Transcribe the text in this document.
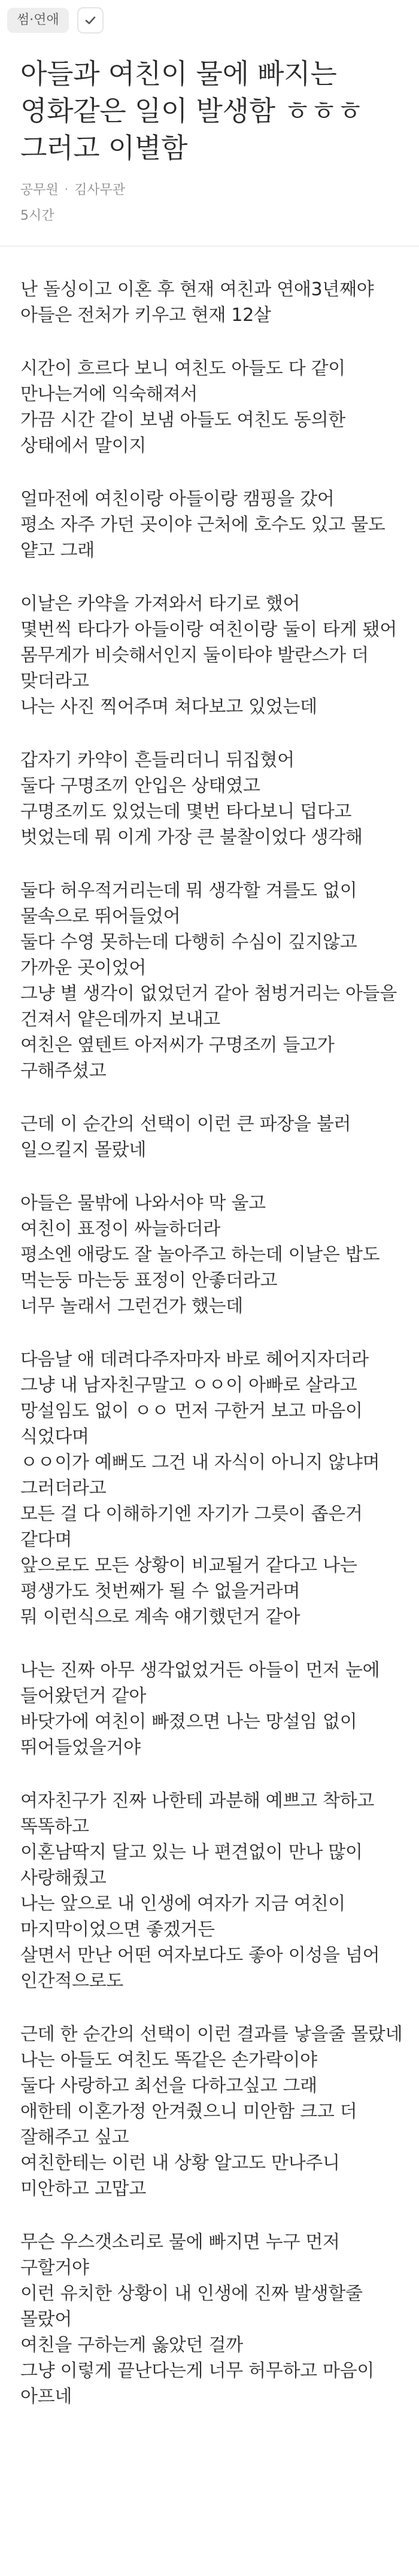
썸·연애
아들과 여친이 물에 빠지는
영화같은 일이 발생함 ㅎㅎㅎ
그러고 이별함
공무원 · 김사무관
5시간
난 돌싱이고 이혼 후 현재 여친과 연애3년째야
아들은 전처가 키우고 현재 12살
시간이 흐르다 보니 여친도 아들도 다 같이
만나는거에 익숙해져서
가끔 시간 같이 보냄 아들도 여친도 동의한
상태에서 말이지
얼마전에 여친이랑 아들이랑 캠핑을 갔어
평소 자주 가던 곳이야 근처에 호수도 있고 물도
얕고 그래
이날은 카약을 가져와서 타기로 했어
몇번씩 타다가 아들이랑 여친이랑 둘이 타게 됐어
몸무게가 비슷해서인지 둘이타야 발란스가 더
맞더라고
나는 사진 찍어주며 쳐다보고 있었는데
갑자기 카약이 흔들리더니 뒤집혔어
둘다 구명조끼 안입은 상태였고
구명조끼도 있었는데 몇번 타다보니 덥다고
벗었는데 뭐 이게 가장 큰 불찰이었다 생각해
둘다 허우적거리는데 뭐 생각할 겨를도 없이
물속으로 뛰어들었어
둘다 수영 못하는데 다행히 수심이 깊지않고
가까운 곳이었어
그냥 별 생각이 없었던거 같아 첨벙거리는 아들을
건져서 얕은데까지 보내고
여친은 옆텐트 아저씨가 구명조끼 들고가
구해주셨고
근데 이 순간의 선택이 이런 큰 파장을 불러
일으킬지 몰랐네
아들은 물밖에 나와서야 막 울고
여친이 표정이 싸늘하더라
평소엔 애랑도 잘 놀아주고 하는데 이날은 밥도
먹는둥 마는둥 표정이 안좋더라고
너무 놀래서 그런건가 했는데
다음날 애 데려다주자마자 바로 헤어지자더라
그냥 내 남자친구말고 ㅇㅇ이 아빠로 살라고
망설임도 없이 ㅇㅇ 먼저 구한거 보고 마음이
식었다며
ㅇㅇ이가 예뻐도 그건 내 자식이 아니지 않냐며
그러더라고
모든 걸 다 이해하기엔 자기가 그릇이 좁은거
같다며
앞으로도 모든 상황이 비교될거 같다고 나는
평생가도 첫번째가 될 수 없을거라며
뭐 이런식으로 계속 얘기했던거 같아
나는 진짜 아무 생각없었거든 아들이 먼저 눈에
들어왔던거 같아
바닷가에 여친이 빠졌으면 나는 망설임 없이
뛰어들었을거야
여자친구가 진짜 나한테 과분해 예쁘고 착하고
똑똑하고
이혼남딱지 달고 있는 나 편견없이 만나 많이
사랑해줬고
나는 앞으로 내 인생에 여자가 지금 여친이
마지막이었으면 좋겠거든
살면서 만난 어떤 여자보다도 좋아 이성을 넘어
인간적으로도
근데 한 순간의 선택이 이런 결과를 낳을줄 몰랐네
나는 아들도 여친도 똑같은 손가락이야
둘다 사랑하고 최선을 다하고싶고 그래
애한테 이혼가정 안겨줬으니 미안함 크고 더
잘해주고 싶고
여친한테는 이런 내 상황 알고도 만나주니
미안하고 고맙고
무슨 우스갯소리로 물에 빠지면 누구 먼저
구할거야
이런 유치한 상황이 내 인생에 진짜 발생할줄
몰랐어
여친을 구하는게 옳았던 걸까
그냥 이렇게 끝난다는게 너무 허무하고 마음이
아프네
